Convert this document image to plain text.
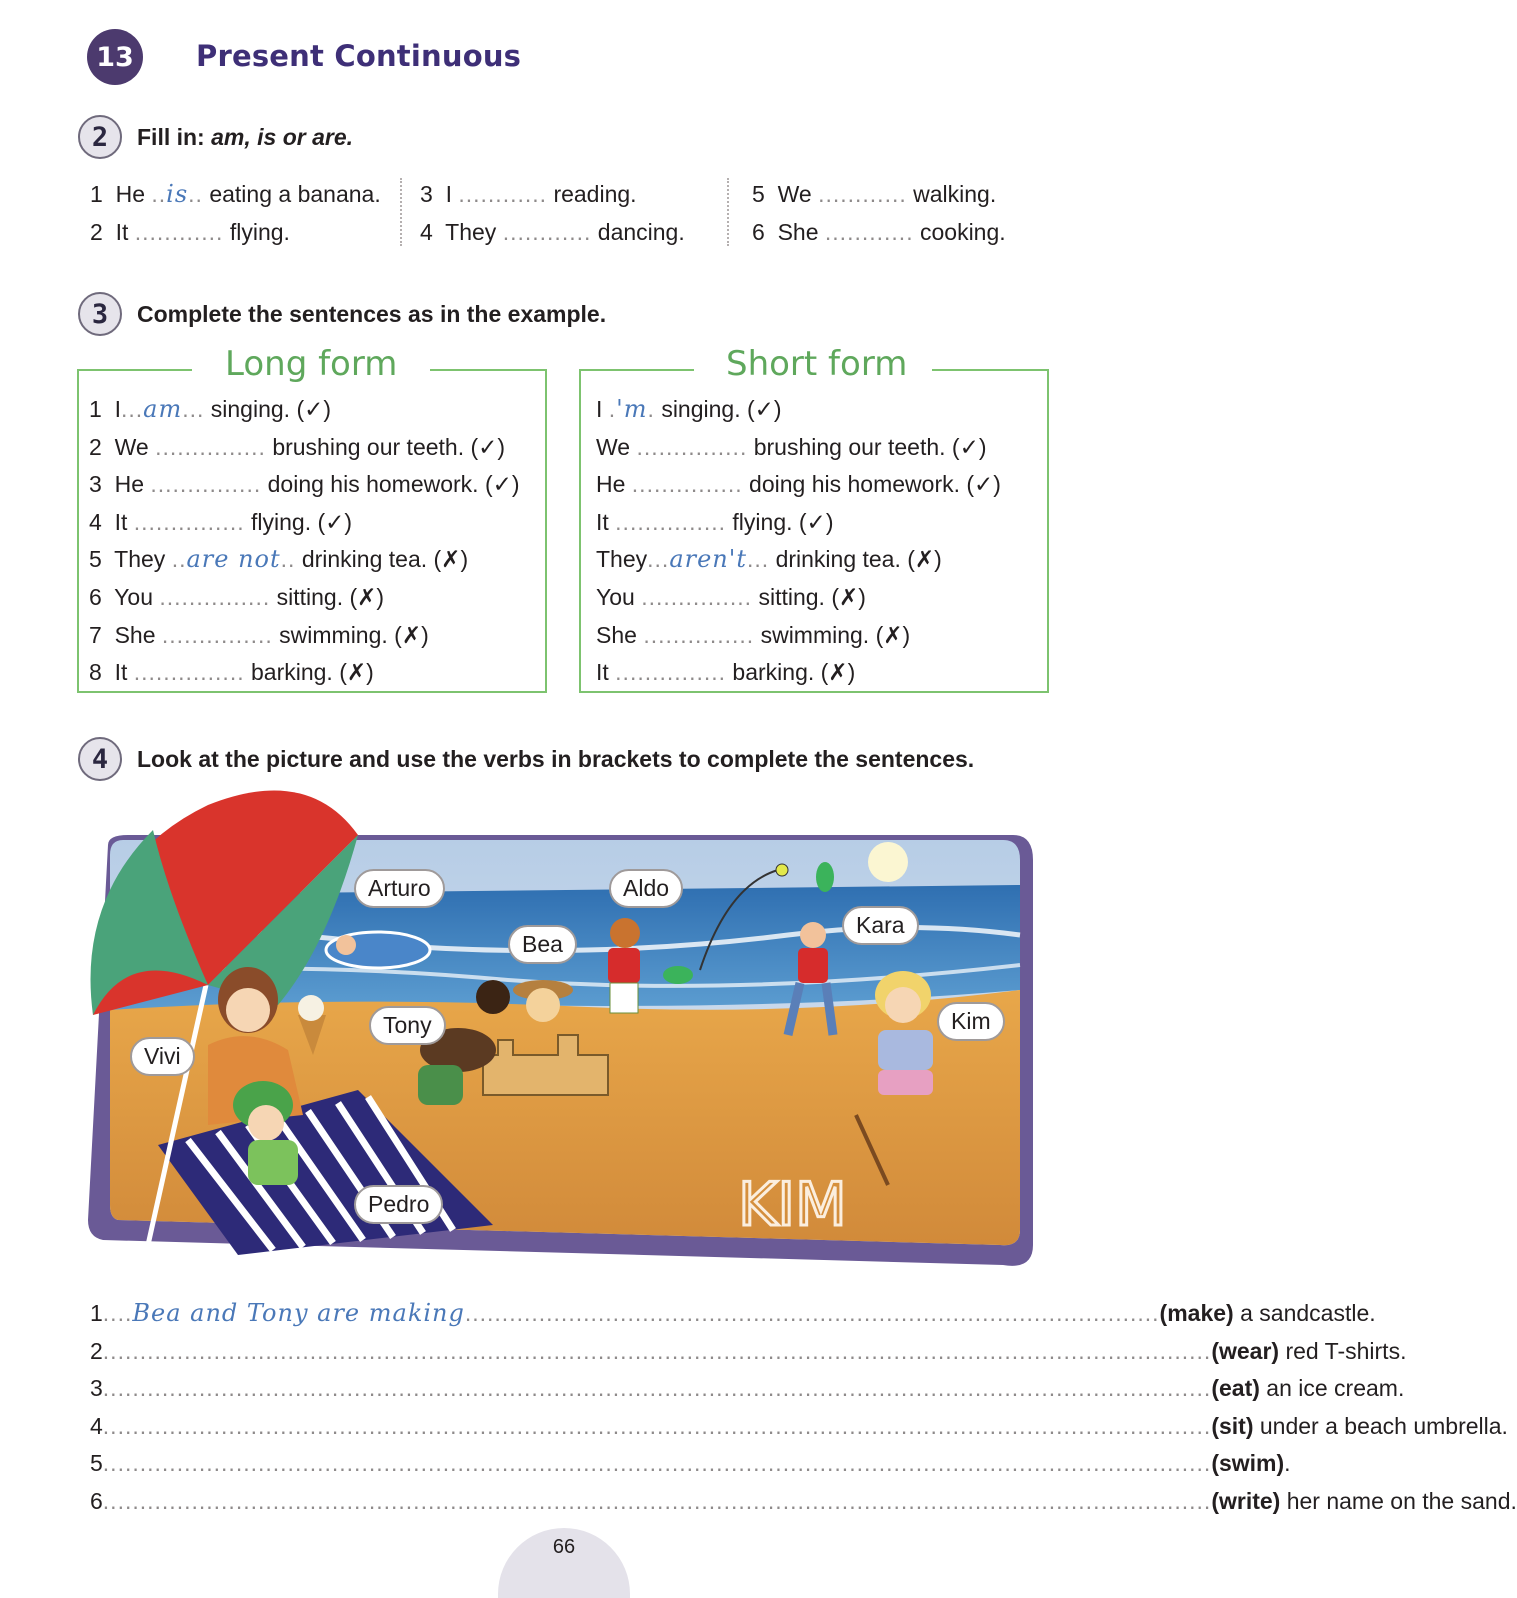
13 Present Continuous
2 Fill in: am, is or are.
1 He ..is.. eating a banana.
2 It ............ flying.
3 I ............ reading.
4 They ............ dancing.
5 We ............ walking.
6 She ............ cooking.
3 Complete the sentences as in the example.
Long form
1 I...am... singing. (✓)
2 We ............... brushing our teeth. (✓)
3 He ............... doing his homework. (✓)
4 It ............... flying. (✓)
5 They ..are not.. drinking tea. (✗)
6 You ............... sitting. (✗)
7 She ............... swimming. (✗)
8 It ............... barking. (✗)
Short form
I .'m. singing. (✓)
We ............... brushing our teeth. (✓)
He ............... doing his homework. (✓)
It ............... flying. (✓)
They...aren't... drinking tea. (✗)
You ............... sitting. (✗)
She ............... swimming. (✗)
It ............... barking. (✗)
4 Look at the picture and use the verbs in brackets to complete the sentences.
KIM
Arturo	Aldo
Bea
Kara
Tony	Kim
Vivi
Pedro
1 ....Bea and Tony are making.............................................................................................. (make)
a sandcastle.
2 ...................................................................................................................................................... (wear)
red T-shirts.
3 ...................................................................................................................................................... (eat)
an ice cream.
4 ...................................................................................................................................................... (sit)
under a beach umbrella.
5 ...................................................................................................................................................... (swim) .
6 ...................................................................................................................................................... (write)
her name on the sand.
66
